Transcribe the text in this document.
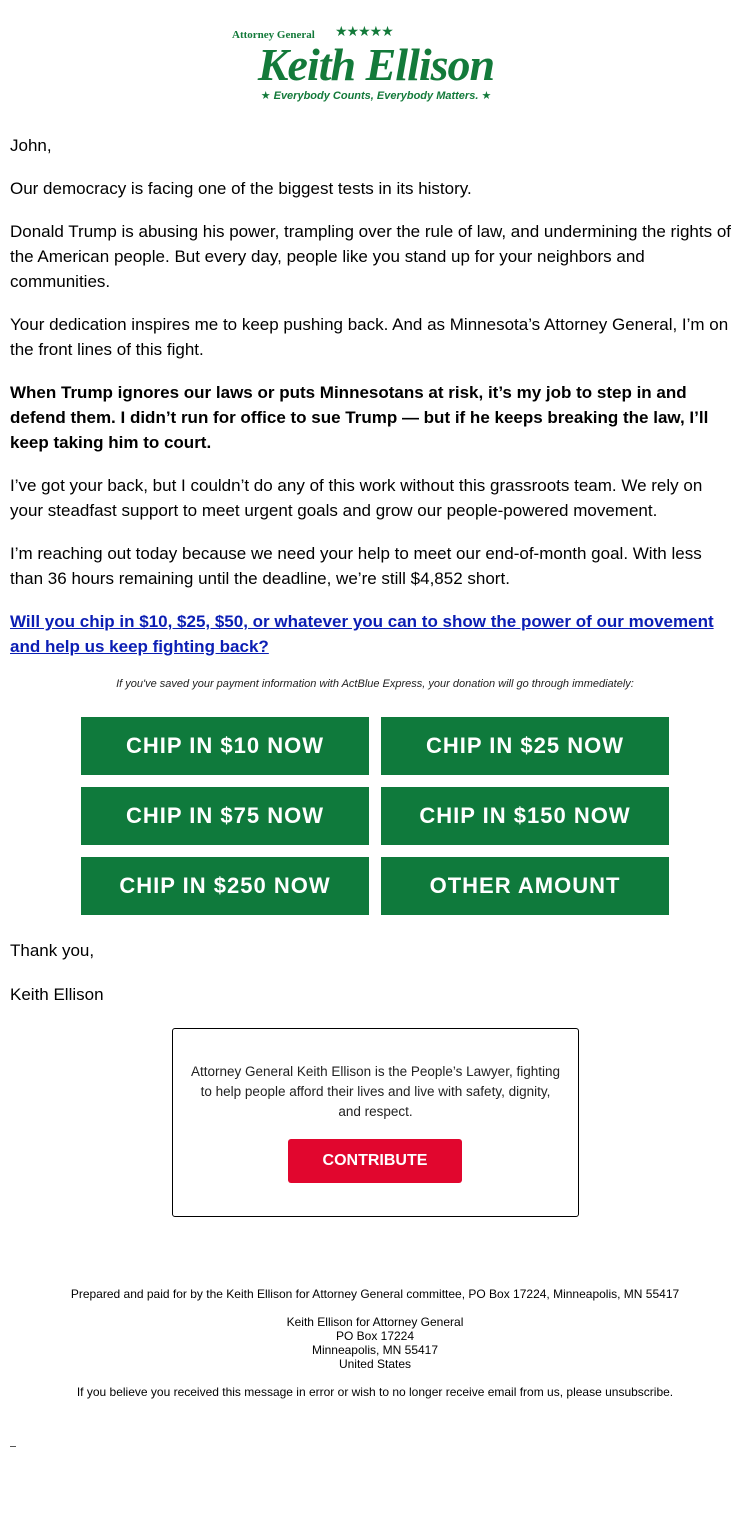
Attorney General ★★★★★
Keith Ellison
★ Everybody Counts, Everybody Matters. ★

John,

Our democracy is facing one of the biggest tests in its history.

Donald Trump is abusing his power, trampling over the rule of law, and undermining the rights of the American people. But every day, people like you stand up for your neighbors and communities.

Your dedication inspires me to keep pushing back. And as Minnesota’s Attorney General, I’m on the front lines of this fight.

When Trump ignores our laws or puts Minnesotans at risk, it’s my job to step in and defend them. I didn’t run for office to sue Trump — but if he keeps breaking the law, I’ll keep taking him to court.

I’ve got your back, but I couldn’t do any of this work without this grassroots team. We rely on your steadfast support to meet urgent goals and grow our people-powered movement.

I’m reaching out today because we need your help to meet our end-of-month goal. With less than 36 hours remaining until the deadline, we’re still $4,852 short.

Will you chip in $10, $25, $50, or whatever you can to show the power of our movement and help us keep fighting back?

If you've saved your payment information with ActBlue Express, your donation will go through immediately:
CHIP IN $10 NOW	CHIP IN $25 NOW
CHIP IN $75 NOW	CHIP IN $150 NOW
CHIP IN $250 NOW	OTHER AMOUNT

Thank you,

Keith Ellison

Attorney General Keith Ellison is the People’s Lawyer, fighting to help people afford their lives and live with safety, dignity, and respect.
CONTRIBUTE
Prepared and paid for by the Keith Ellison for Attorney General committee, PO Box 17224, Minneapolis, MN 55417
Keith Ellison for Attorney General
PO Box 17224
Minneapolis, MN 55417
United States
If you believe you received this message in error or wish to no longer receive email from us, please unsubscribe.
